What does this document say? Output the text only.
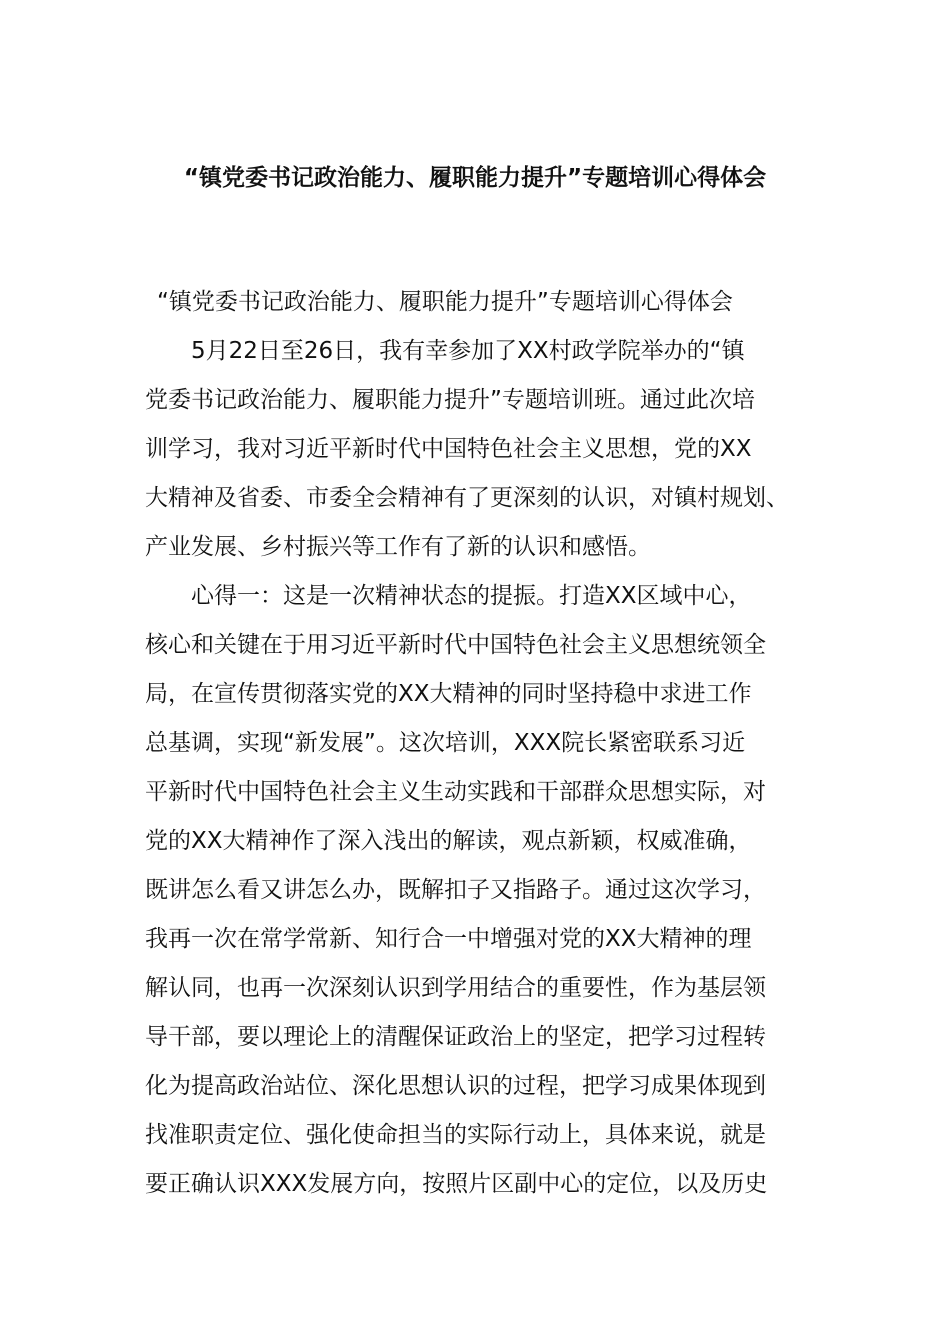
“镇党委书记政治能力、履职能力提升”专题培训心得体会

“镇党委书记政治能力、履职能力提升”专题培训心得体会

5月22日至26日，我有幸参加了XX村政学院举办的“镇
党委书记政治能力、履职能力提升”专题培训班。通过此次培
训学习，我对习近平新时代中国特色社会主义思想，党的XX
大精神及省委、市委全会精神有了更深刻的认识，对镇村规划、
产业发展、乡村振兴等工作有了新的认识和感悟。
心得一：这是一次精神状态的提振。打造XX区域中心，
核心和关键在于用习近平新时代中国特色社会主义思想统领全
局，在宣传贯彻落实党的XX大精神的同时坚持稳中求进工作
总基调，实现“新发展”。这次培训，XXX院长紧密联系习近
平新时代中国特色社会主义生动实践和干部群众思想实际，对
党的XX大精神作了深入浅出的解读，观点新颖，权威准确，
既讲怎么看又讲怎么办，既解扣子又指路子。通过这次学习，
我再一次在常学常新、知行合一中增强对党的XX大精神的理
解认同，也再一次深刻认识到学用结合的重要性，作为基层领
导干部，要以理论上的清醒保证政治上的坚定，把学习过程转
化为提高政治站位、深化思想认识的过程，把学习成果体现到
找准职责定位、强化使命担当的实际行动上，具体来说，就是
要正确认识XXX发展方向，按照片区副中心的定位，以及历史
